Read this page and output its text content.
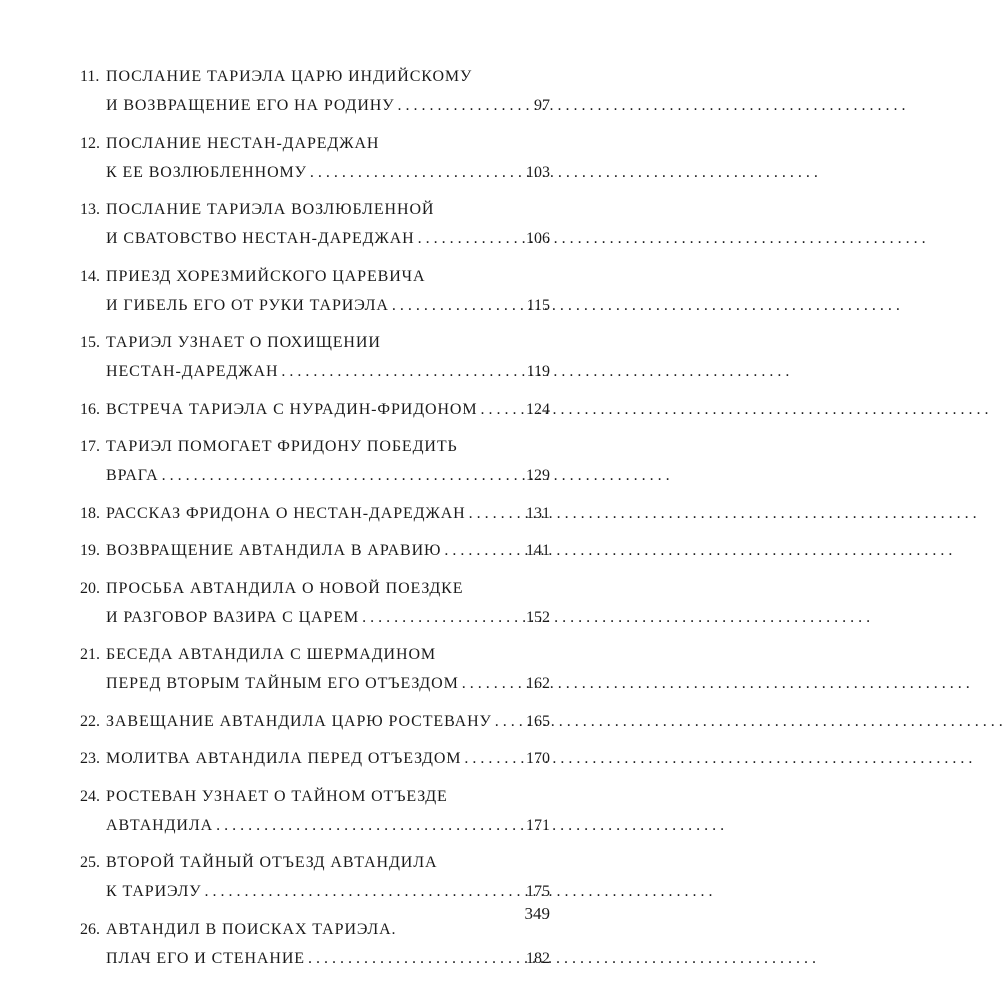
11. ПОСЛАНИЕ ТАРИЭЛА ЦАРЮ ИНДИЙСКОМУ
И ВОЗВРАЩЕНИЕ ЕГО НА РОДИНУ . . .	97
12. ПОСЛАНИЕ НЕСТАН-ДАРЕДЖАН
К ЕЕ ВОЗЛЮБЛЕННОМУ . . .	103
13. ПОСЛАНИЕ ТАРИЭЛА ВОЗЛЮБЛЕННОЙ
И СВАТОВСТВО НЕСТАН-ДАРЕДЖАН . . .	106
14. ПРИЕЗД ХОРЕЗМИЙСКОГО ЦАРЕВИЧА
И ГИБЕЛЬ ЕГО ОТ РУКИ ТАРИЭЛА . . .	115
15. ТАРИЭЛ УЗНАЕТ О ПОХИЩЕНИИ
НЕСТАН-ДАРЕДЖАН . . .	119
16. ВСТРЕЧА ТАРИЭЛА С НУРАДИН-ФРИДОНОМ . . .	124
17. ТАРИЭЛ ПОМОГАЕТ ФРИДОНУ ПОБЕДИТЬ
ВРАГА . . .	129
18. РАССКАЗ ФРИДОНА О НЕСТАН-ДАРЕДЖАН . . .	131
19. ВОЗВРАЩЕНИЕ АВТАНДИЛА В АРАВИЮ . . .	141
20. ПРОСЬБА АВТАНДИЛА О НОВОЙ ПОЕЗДКЕ
И РАЗГОВОР ВАЗИРА С ЦАРЕМ . . .	152
21. БЕСЕДА АВТАНДИЛА С ШЕРМАДИНОМ
ПЕРЕД ВТОРЫМ ТАЙНЫМ ЕГО ОТЪЕЗДОМ . . .	162
22. ЗАВЕЩАНИЕ АВТАНДИЛА ЦАРЮ РОСТЕВАНУ . . . 165
23. МОЛИТВА АВТАНДИЛА ПЕРЕД ОТЪЕЗДОМ . . .	170
24. РОСТЕВАН УЗНАЕТ О ТАЙНОМ ОТЪЕЗДЕ
АВТАНДИЛА . . .	171
25. ВТОРОЙ ТАЙНЫЙ ОТЪЕЗД АВТАНДИЛА
К ТАРИЭЛУ . . .	175
26. АВТАНДИЛ В ПОИСКАХ ТАРИЭЛА.
ПЛАЧ ЕГО И СТЕНАНИЕ . . .	182
349
